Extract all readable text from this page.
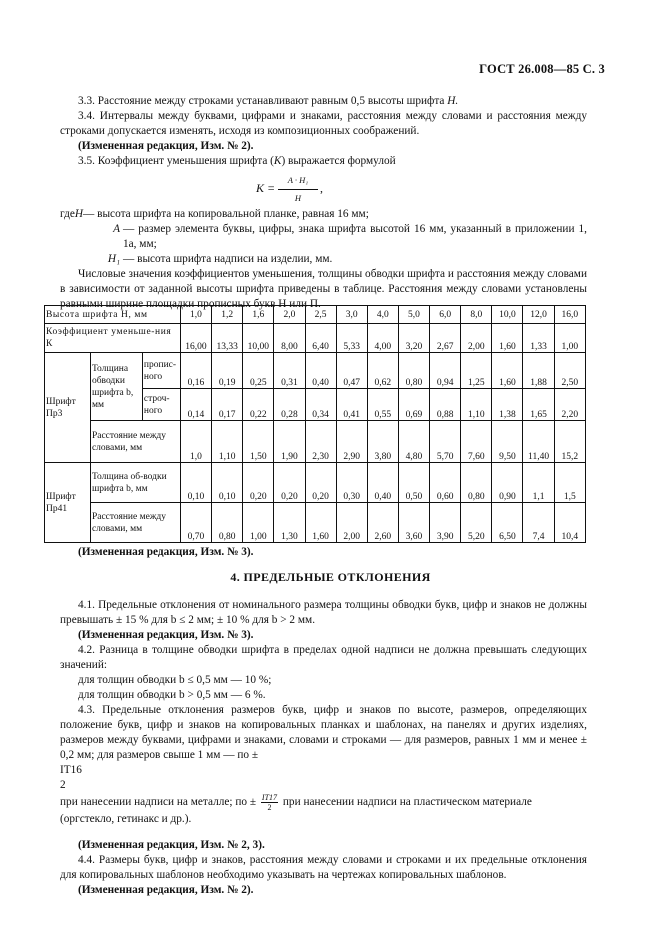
ГОСТ 26.008—85 С. 3

3.3. Расстояние между строками устанавливают равным 0,5 высоты шрифта Н.

3.4. Интервалы между буквами, цифрами и знаками, расстояния между словами и расстояния между строками допускается изменять, исходя из композиционных соображений.

(Измененная редакция, Изм. № 2).

3.5. Коэффициент уменьшения шрифта (K) выражается формулой

$K = \frac{\text{A · H₁}}{H}$ ,
где H — высота шрифта на копировальной планке, равная 16 мм;
A — размер элемента буквы, цифры, знака шрифта высотой 16 мм, указанный в приложении 1, 1а, мм;
H₁ — высота шрифта надписи на изделии, мм.

Числовые значения коэффициентов уменьшения, толщины обводки шрифта и расстояния между словами в зависимости от заданной высоты шрифта приведены в таблице. Расстояния между словами установлены равными ширине площадки прописных букв Н или П.

Высота шрифта Н, мм			1,0	1,2	1,6	2,0	2,5	3,0	4,0	5,0	6,0	8,0	10,0	12,0	16,0
Коэффициент уменьше-ния К			16,00	13,33	10,00	8,00	6,40	5,33	4,00	3,20	2,67	2,00	1,60	1,33	1,00
Шрифт Пр3	Толщина обводки шрифта b, мм	пропис-ного	0,16	0,19	0,25	0,31	0,40	0,47	0,62	0,80	0,94	1,25	1,60	1,88	2,50
		строч-ного	0,14	0,17	0,22	0,28	0,34	0,41	0,55	0,69	0,88	1,10	1,38	1,65	2,20
	Расстояние между словами, мм		1,0	1,10	1,50	1,90	2,30	2,90	3,80	4,80	5,70	7,60	9,50	11,40	15,2
Шрифт Пр41	Толщина об-водки шрифта b, мм		0,10	0,10	0,20	0,20	0,20	0,30	0,40	0,50	0,60	0,80	0,90	1,1	1,5
	Расстояние между словами, мм		0,70	0,80	1,00	1,30	1,60	2,00	2,60	3,60	3,90	5,20	6,50	7,4	10,4

(Измененная редакция, Изм. № 3).

4. ПРЕДЕЛЬНЫЕ ОТКЛОНЕНИЯ

4.1. Предельные отклонения от номинального размера толщины обводки букв, цифр и знаков не должны превышать ± 15 % для b ≤ 2 мм; ± 10 % для b > 2 мм.

(Измененная редакция, Изм. № 3).

4.2. Разница в толщине обводки шрифта в пределах одной надписи не должна превышать следующих значений:

для толщин обводки b ≤ 0,5 мм — 10 %;

для толщин обводки b > 0,5 мм — 6 %.

4.3. Предельные отклонения размеров букв, цифр и знаков по высоте, размеров, определяющих положение букв, цифр и знаков на копировальных планках и шаблонах, на панелях и других изделиях, размеров между буквами, цифрами и знаками, словами и строками — для размеров, равных 1 мм и менее ± 0,2 мм; для размеров свыше 1 мм — по ±

IT16
2
при нанесении надписи на металле; по ± $\frac{IT17}{2}$ при нанесении надписи на пластическом материале (оргстекло, гетинакс и др.).

(Измененная редакция, Изм. № 2, 3).

4.4. Размеры букв, цифр и знаков, расстояния между словами и строками и их предельные отклонения для копировальных шаблонов необходимо указывать на чертежах копировальных шаблонов.

(Измененная редакция, Изм. № 2).
